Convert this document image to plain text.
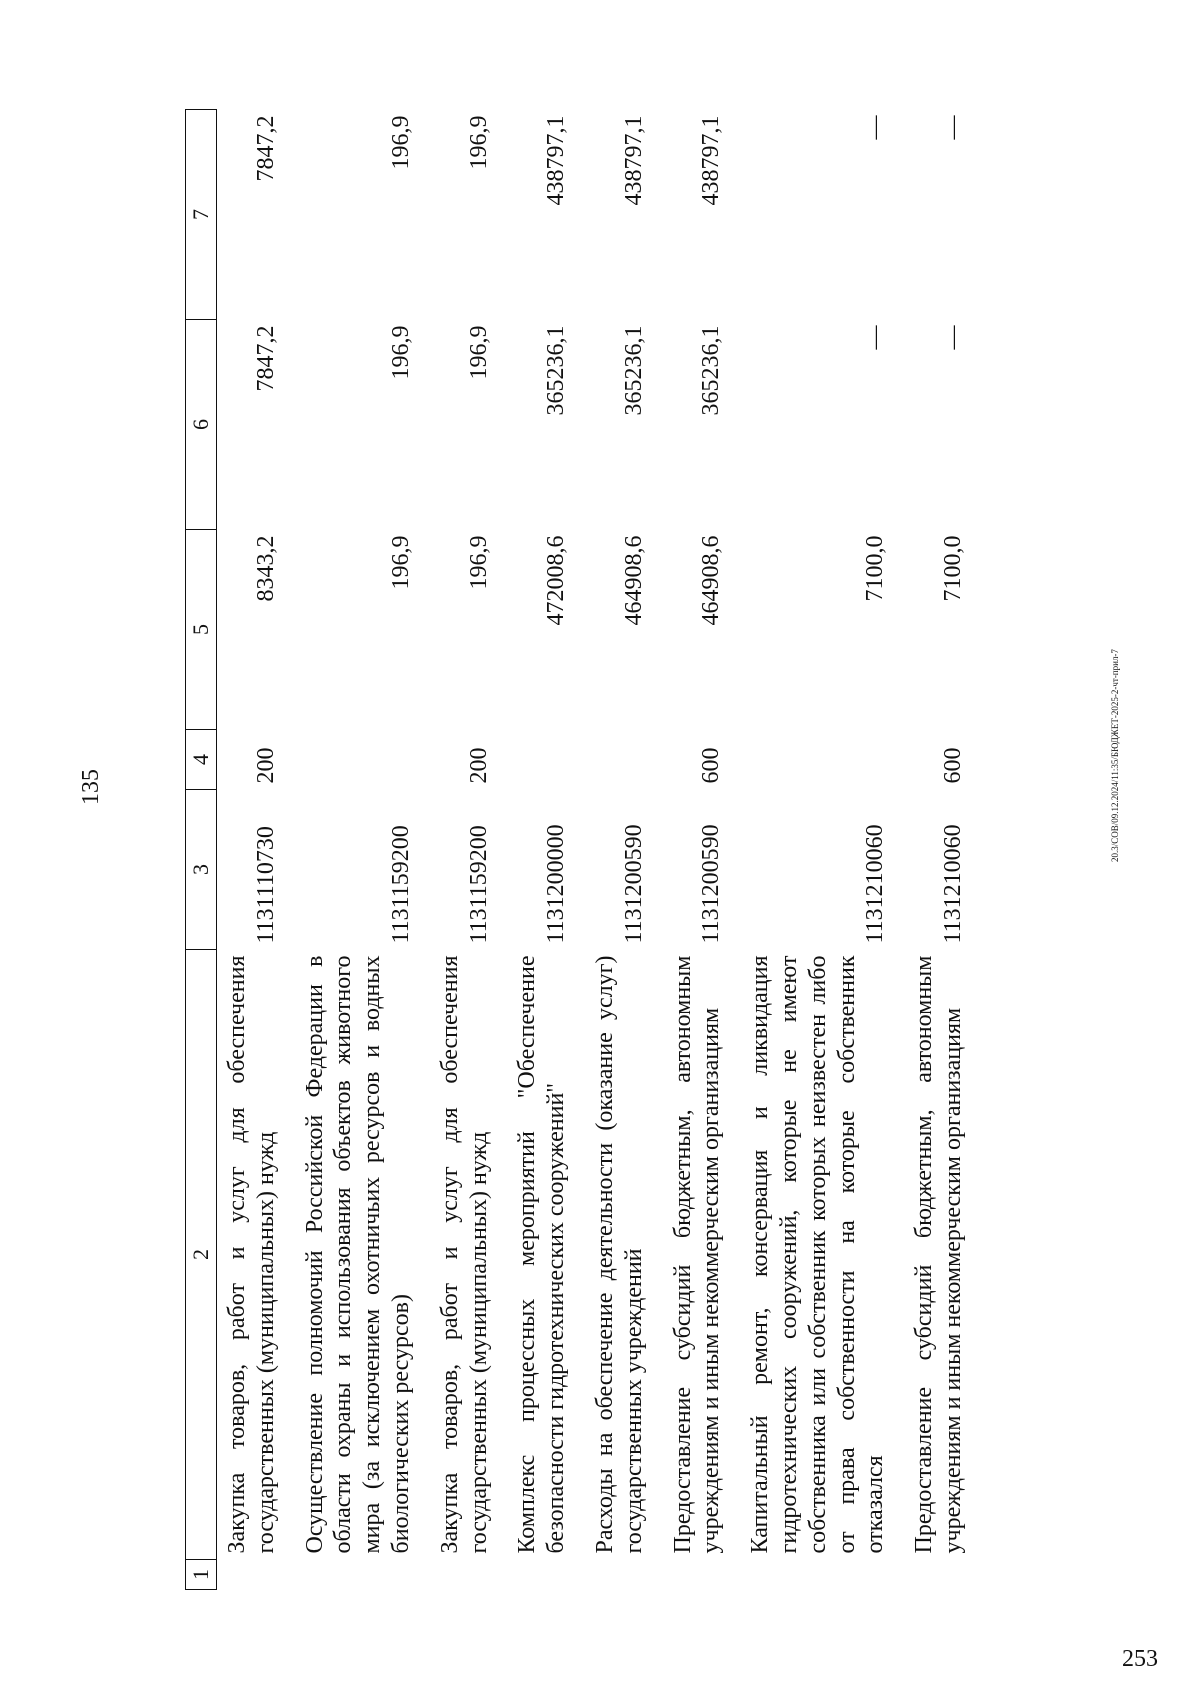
135	20.3/СОВ/09.12.2024/11:35/БЮДЖЕТ-2025-2-чт-прил-7
253
1	2	3	4	5	6	7
	Закупка товаров, работ и услуг для обеспечения государственных (муниципальных) нужд	1131110730	200	8343,2	7847,2	7847,2
	Осуществление полномочий Российской Федерации в области охраны и использования объектов животного мира (за исключением охотничьих ресурсов и водных биологических ресурсов)	1131159200		196,9	196,9	196,9
	Закупка товаров, работ и услуг для обеспечения государственных (муниципальных) нужд	1131159200	200	196,9	196,9	196,9
	Комплекс процессных мероприятий "Обеспечение безопасности гидротехнических сооружений"	1131200000		472008,6	365236,1	438797,1
	Расходы на обеспечение деятельности (оказание услуг) государственных учреждений	1131200590		464908,6	365236,1	438797,1
	Предоставление субсидий бюджетным, автономным учреждениям и иным некоммерческим организациям	1131200590	600	464908,6	365236,1	438797,1
	Капитальный ремонт, консервация и ликвидация гидротехнических сооружений, которые не имеют собственника или собственник которых неизвестен либо от права собственности на которые собственник отказался	1131210060		7100,0	—	—
	Предоставление субсидий бюджетным, автономным учреждениям и иным некоммерческим организациям	1131210060	600	7100,0	—	—
